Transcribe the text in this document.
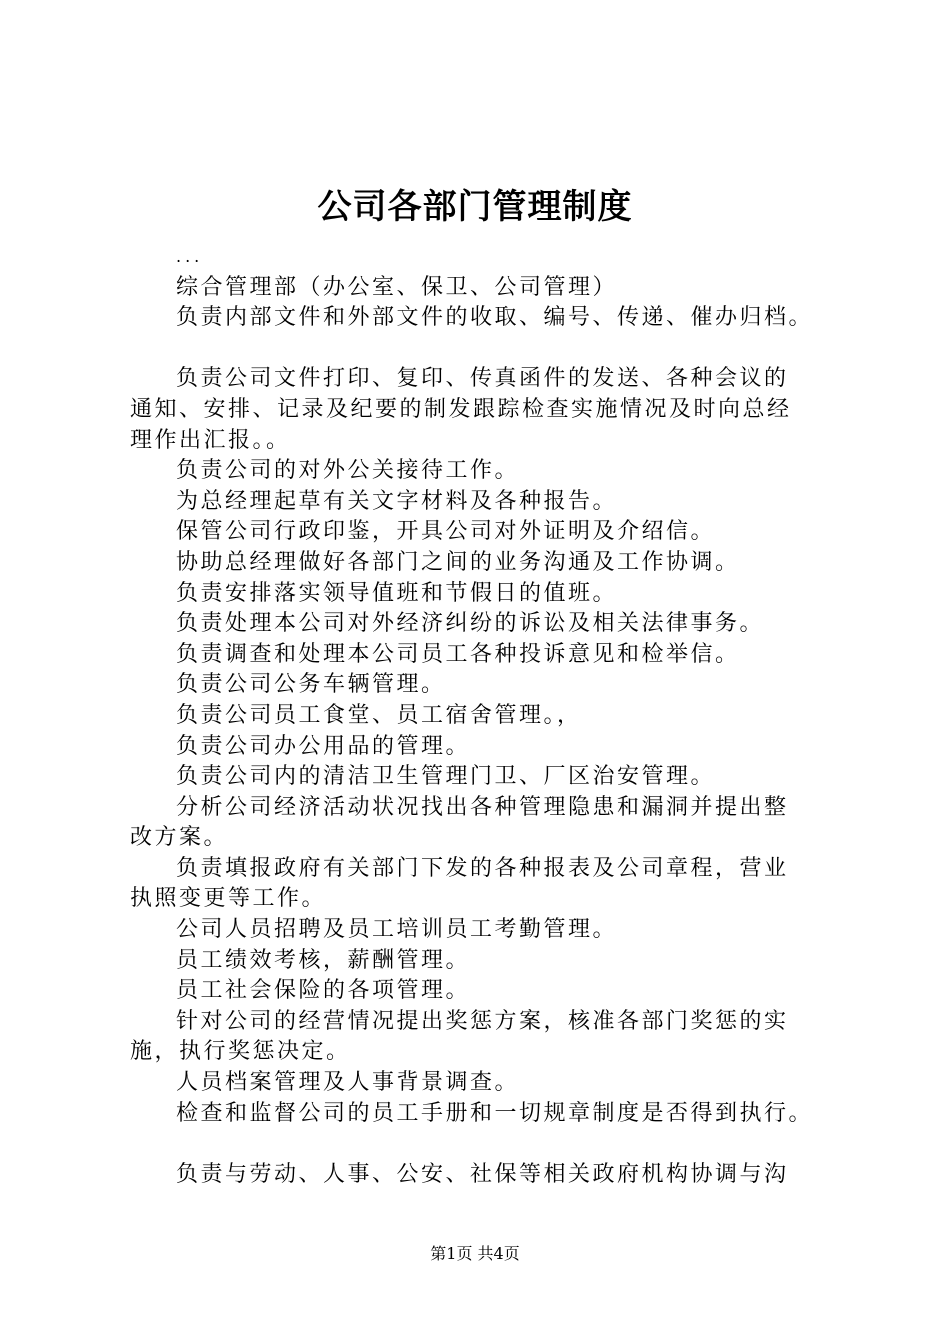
公司各部门管理制度
...
综合管理部（办公室、保卫、公司管理）
负责内部文件和外部文件的收取、编号、传递、催办归档。
负责公司文件打印、复印、传真函件的发送、各种会议的
通知、安排、记录及纪要的制发跟踪检查实施情况及时向总经
理作出汇报。。
负责公司的对外公关接待工作。
为总经理起草有关文字材料及各种报告。
保管公司行政印鉴，开具公司对外证明及介绍信。
协助总经理做好各部门之间的业务沟通及工作协调。
负责安排落实领导值班和节假日的值班。
负责处理本公司对外经济纠纷的诉讼及相关法律事务。
负责调查和处理本公司员工各种投诉意见和检举信。
负责公司公务车辆管理。
负责公司员工食堂、员工宿舍管理。，
负责公司办公用品的管理。
负责公司内的清洁卫生管理门卫、厂区治安管理。
分析公司经济活动状况找出各种管理隐患和漏洞并提出整
改方案。
负责填报政府有关部门下发的各种报表及公司章程，营业
执照变更等工作。
公司人员招聘及员工培训员工考勤管理。
员工绩效考核，薪酬管理。
员工社会保险的各项管理。
针对公司的经营情况提出奖惩方案，核准各部门奖惩的实
施，执行奖惩决定。
人员档案管理及人事背景调查。
检查和监督公司的员工手册和一切规章制度是否得到执行。
负责与劳动、人事、公安、社保等相关政府机构协调与沟
第1页 共4页
